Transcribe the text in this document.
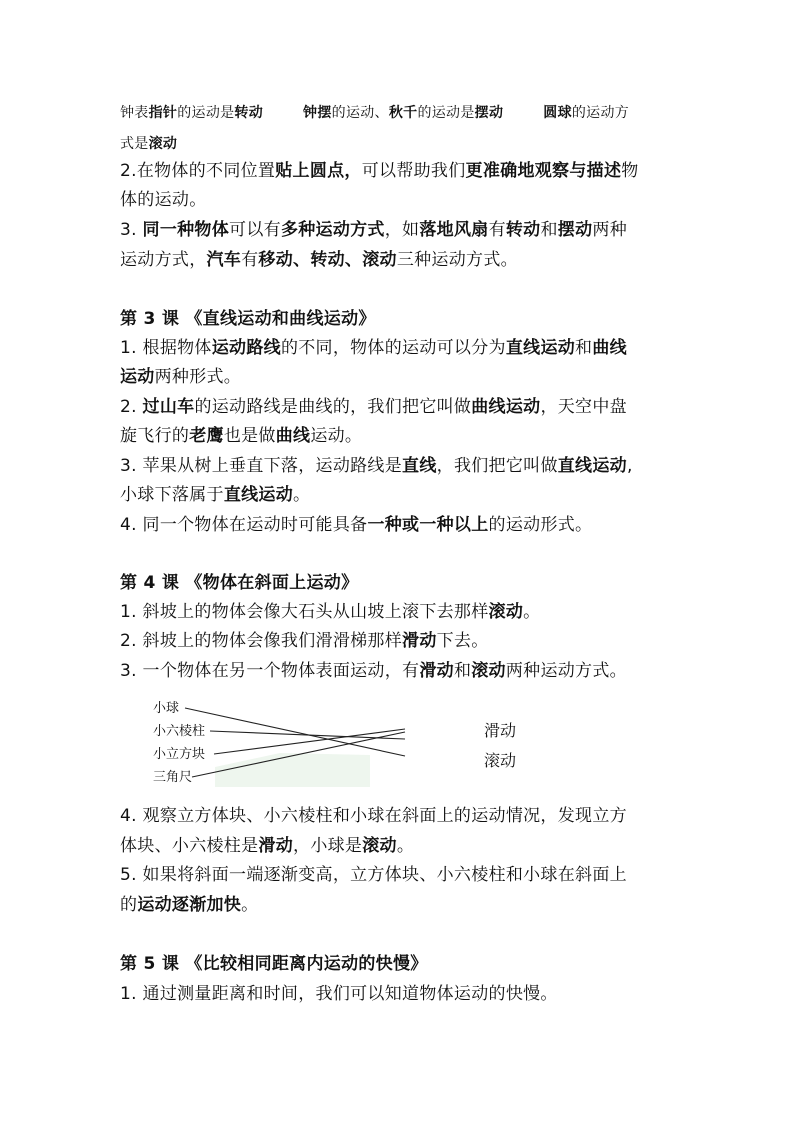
钟表指针的运动是转动	钟摆的运动、秋千的运动是摆动	圆球的运动方
式是滚动
2.在物体的不同位置贴上圆点，可以帮助我们更准确地观察与描述物
体的运动。
3. 同一种物体可以有多种运动方式，如落地风扇有转动和摆动两种
运动方式，汽车有移动、转动、滚动三种运动方式。
第 3 课 《直线运动和曲线运动》
1. 根据物体运动路线的不同，物体的运动可以分为直线运动和曲线
运动两种形式。
2. 过山车的运动路线是曲线的，我们把它叫做曲线运动，天空中盘
旋飞行的老鹰也是做曲线运动。
3. 苹果从树上垂直下落，运动路线是直线，我们把它叫做直线运动,
小球下落属于直线运动。
4. 同一个物体在运动时可能具备一种或一种以上的运动形式。
第 4 课 《物体在斜面上运动》
1. 斜坡上的物体会像大石头从山坡上滚下去那样滚动。
2. 斜坡上的物体会像我们滑滑梯那样滑动下去。
3. 一个物体在另一个物体表面运动，有滑动和滚动两种运动方式。
小球
小六棱柱
小立方块
三角尺
滑动
滚动
4. 观察立方体块、小六棱柱和小球在斜面上的运动情况，发现立方
体块、小六棱柱是滑动，小球是滚动。
5. 如果将斜面一端逐渐变高，立方体块、小六棱柱和小球在斜面上
的运动逐渐加快。
第 5 课 《比较相同距离内运动的快慢》
1. 通过测量距离和时间，我们可以知道物体运动的快慢。
